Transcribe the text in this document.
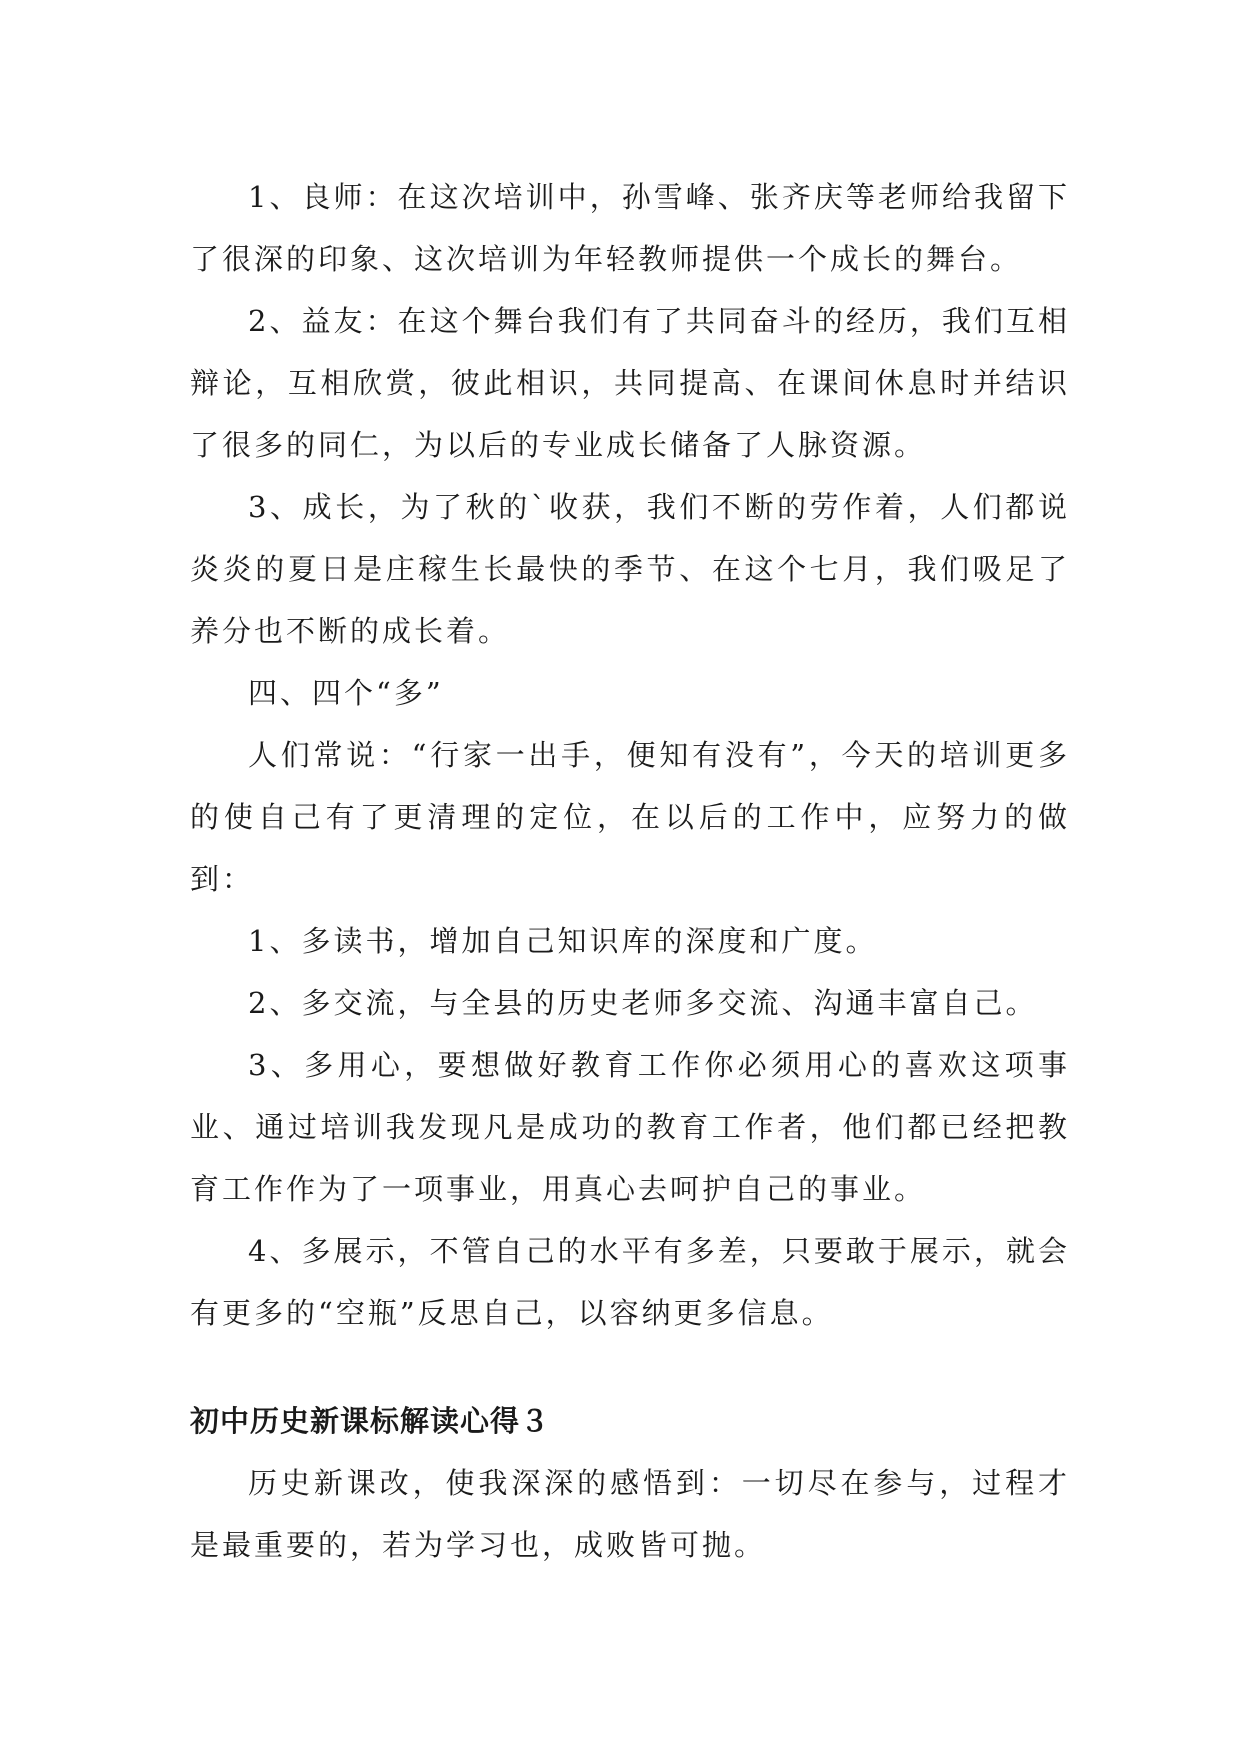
1、良师：在这次培训中，孙雪峰、张齐庆等老师给我留下了很深的印象、这次培训为年轻教师提供一个成长的舞台。

2、益友：在这个舞台我们有了共同奋斗的经历，我们互相辩论，互相欣赏，彼此相识，共同提高、在课间休息时并结识了很多的同仁，为以后的专业成长储备了人脉资源。

3、成长，为了秋的`收获，我们不断的劳作着，人们都说炎炎的夏日是庄稼生长最快的季节、在这个七月，我们吸足了养分也不断的成长着。

四、四个“多”

人们常说：“行家一出手，便知有没有”，今天的培训更多的使自己有了更清理的定位，在以后的工作中，应努力的做到：

1、多读书，增加自己知识库的深度和广度。

2、多交流，与全县的历史老师多交流、沟通丰富自己。

3、多用心，要想做好教育工作你必须用心的喜欢这项事业、通过培训我发现凡是成功的教育工作者，他们都已经把教育工作作为了一项事业，用真心去呵护自己的事业。

4、多展示，不管自己的水平有多差，只要敢于展示，就会有更多的“空瓶”反思自己，以容纳更多信息。

初中历史新课标解读心得３

历史新课改，使我深深的感悟到：一切尽在参与，过程才是最重要的，若为学习也，成败皆可抛。
